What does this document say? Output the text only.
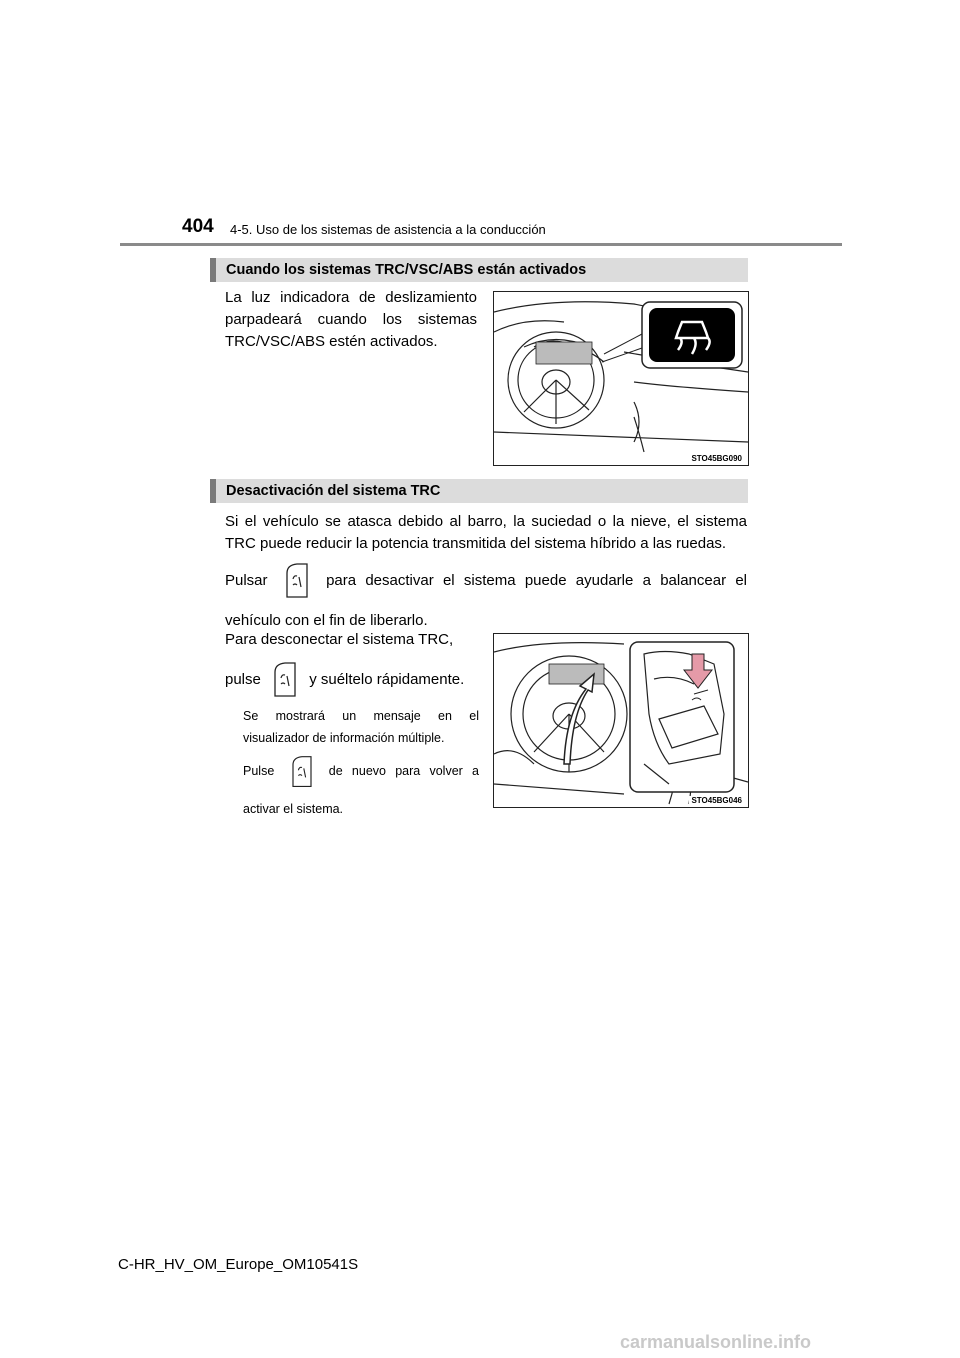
404 4-5. Uso de los sistemas de asistencia a la conducción
Cuando los sistemas TRC/VSC/ABS están activados
La luz indicadora de deslizamiento parpadeará cuando los sistemas TRC/VSC/ABS estén activados.
STO45BG090
Desactivación del sistema TRC
Si el vehículo se atasca debido al barro, la suciedad o la nieve, el sistema TRC puede reducir la potencia transmitida del sistema híbrido a las ruedas.
Pulsar	para desactivar el sistema puede ayudarle a balancear el vehículo con el fin de liberarlo.
Para desconectar el sistema TRC,
pulse	y suéltelo rápidamente.
Se mostrará un mensaje en el visualizador de información múltiple.
Pulse	de nuevo para volver a activar el sistema.
STO45BG046
C-HR_HV_OM_Europe_OM10541S
carmanualsonline.info
